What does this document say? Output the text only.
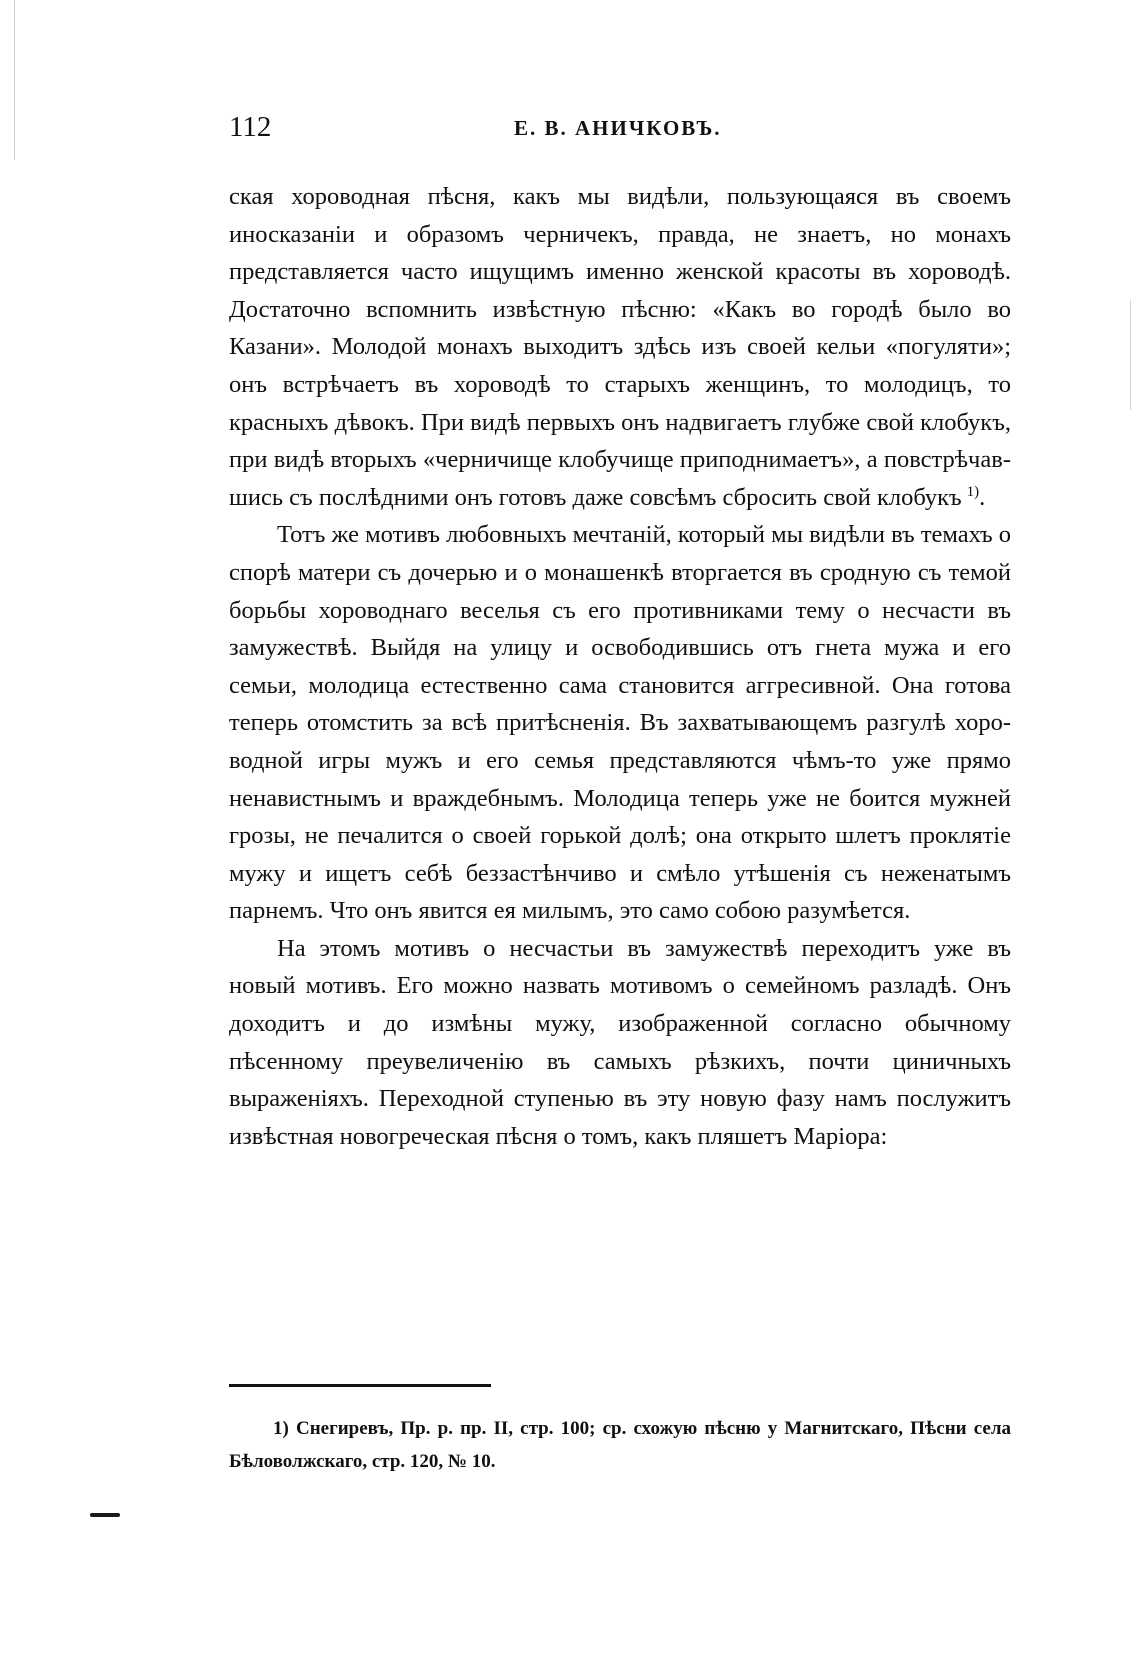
112	Е. В. АНИЧКОВЪ.

ская хороводная пѣсня, какъ мы видѣли, пользующаяся въ своемъ иносказаніи и образомъ черничекъ, правда, не знаетъ, но монахъ представляется часто ищущимъ именно женской красоты въ хороводѣ. Достаточно вспомнить извѣстную пѣсню: «Какъ во городѣ было во Казани». Молодой монахъ выходитъ здѣсь изъ своей кельи «погуляти»; онъ встрѣчаетъ въ хороводѣ то старыхъ женщинъ, то молодицъ, то красныхъ дѣвокъ. При видѣ первыхъ онъ надвигаетъ глубже свой клобукъ, при видѣ вторыхъ «черничище клобучище приподнимаетъ», а повстрѣчавшись съ послѣдними онъ готовъ даже совсѣмъ сбросить свой клобукъ  $^{1)}$.

Тотъ же мотивъ любовныхъ мечтаній, который мы видѣли въ темахъ о спорѣ матери съ дочерью и о монашенкѣ вторгается въ сродную съ темой борьбы хороводнаго веселья съ его противниками тему о несчасти въ замужествѣ. Выйдя на улицу и освободившись отъ гнета мужа и его семьи, молодица естественно сама становится аггресивной. Она готова теперь отомстить за всѣ притѣсненія. Въ захватывающемъ разгулѣ хороводной игры мужъ и его семья представляются чѣмъ-то уже прямо ненавистнымъ и враждебнымъ. Молодица теперь уже не боится мужней грозы, не печалится о своей горькой долѣ; она открыто шлетъ проклятіе мужу и ищетъ себѣ беззастѣнчиво и смѣло утѣшенія съ неженатымъ парнемъ. Что онъ явится ея милымъ, это само собою разумѣется.

На этомъ мотивъ о несчастьи въ замужествѣ переходитъ уже въ новый мотивъ. Его можно назвать мотивомъ о семейномъ разладѣ. Онъ доходитъ и до измѣны мужу, изображенной согласно обычному пѣсенному преувеличенію въ самыхъ рѣзкихъ, почти циничныхъ выраженіяхъ. Переходной ступенью въ эту новую фазу намъ послужитъ извѣстная новогреческая пѣсня о томъ, какъ пляшетъ Маріора:

1) Снегиревъ, Пр. р. пр. II, стр. 100; ср. схожую пѣсню у Магнитскаго, Пѣсни села Бѣловолжскаго, стр. 120, № 10.
